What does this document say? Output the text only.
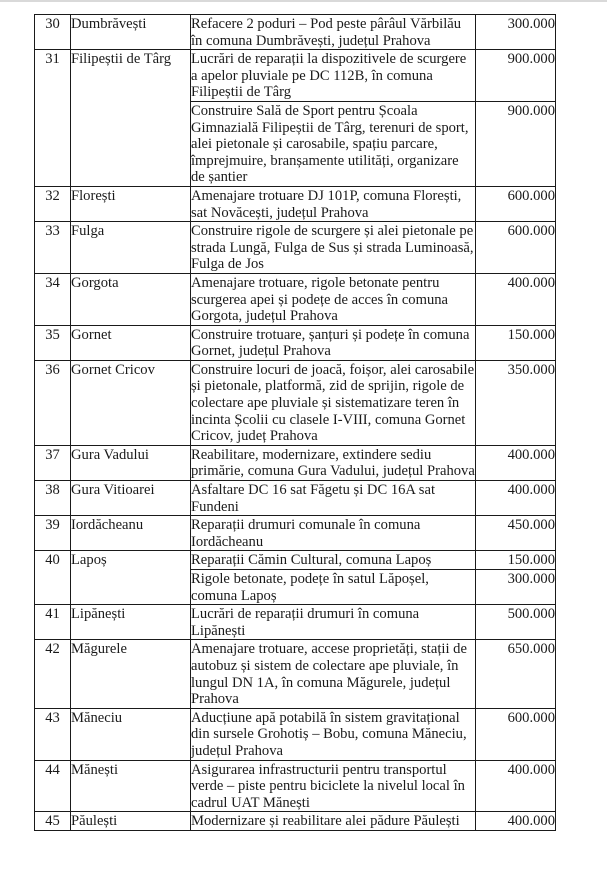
30	Dumbrăvești	Refacere 2 poduri – Pod peste pârâul Vărbilău în comuna Dumbrăvești, județul Prahova	300.000
31	Filipeștii de Târg	Lucrări de reparații la dispozitivele de scurgere a apelor pluviale pe DC 112B, în comuna Filipeștii de Târg	900.000
		Construire Sală de Sport pentru Școala Gimnazială Filipeștii de Târg, terenuri de sport, alei pietonale și carosabile, spațiu parcare, împrejmuire, branșamente utilități, organizare de șantier	900.000
32	Florești	Amenajare trotuare DJ 101P, comuna Florești, sat Novăcești, județul Prahova	600.000
33	Fulga	Construire rigole de scurgere și alei pietonale pe strada Lungă, Fulga de Sus și strada Luminoasă, Fulga de Jos	600.000
34	Gorgota	Amenajare trotuare, rigole betonate pentru scurgerea apei și podețe de acces în comuna Gorgota, județul Prahova	400.000
35	Gornet	Construire trotuare, șanțuri și podețe în comuna Gornet, județul Prahova	150.000
36	Gornet Cricov	Construire locuri de joacă, foișor, alei carosabile și pietonale, platformă, zid de sprijin, rigole de colectare ape pluviale și sistematizare teren în incinta Școlii cu clasele I-VIII, comuna Gornet Cricov, județ Prahova	350.000
37	Gura Vadului	Reabilitare, modernizare, extindere sediu primărie, comuna Gura Vadului, județul Prahova	400.000
38	Gura Vitioarei	Asfaltare DC 16 sat Făgetu și DC 16A sat Fundeni	400.000
39	Iordăcheanu	Reparații drumuri comunale în comuna Iordăcheanu	450.000
40	Lapoș	Reparații Cămin Cultural, comuna Lapoș	150.000
		Rigole betonate, podețe în satul Lăpoșel, comuna Lapoș	300.000
41	Lipănești	Lucrări de reparații drumuri în comuna Lipănești	500.000
42	Măgurele	Amenajare trotuare, accese proprietăți, stații de autobuz și sistem de colectare ape pluviale, în lungul DN 1A, în comuna Măgurele, județul Prahova	650.000
43	Măneciu	Aducțiune apă potabilă în sistem gravitațional din sursele Grohotiș – Bobu, comuna Măneciu, județul Prahova	600.000
44	Mănești	Asigurarea infrastructurii pentru transportul verde – piste pentru biciclete la nivelul local în cadrul UAT Mănești	400.000
45	Păulești	Modernizare și reabilitare alei pădure Păulești	400.000
